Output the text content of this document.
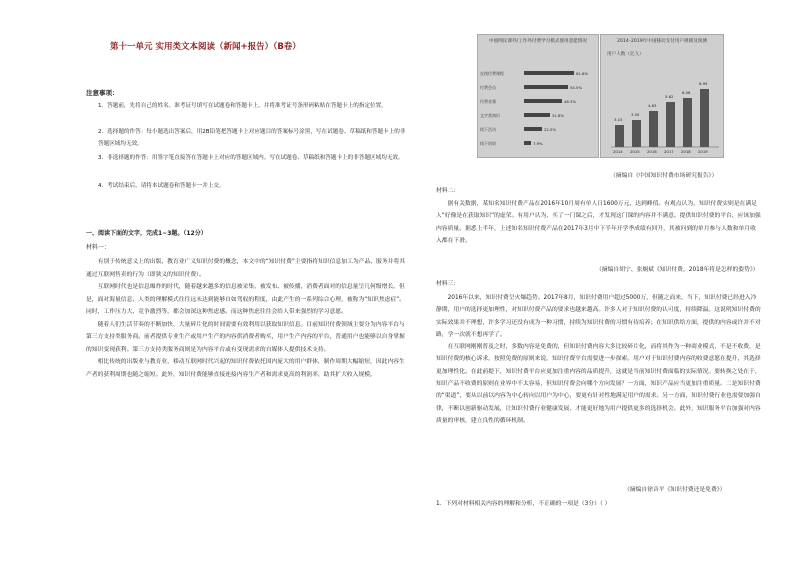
第十一单元 实用类文本阅读（新闻+报告）（B卷）
注意事项：
1．答题前，先将自己的姓名、准考证号填写在试题卷和答题卡上，并将准考证号条形码粘贴在答题卡上的指定位置。
2．选择题的作答：每小题选出答案后，用2B铅笔把答题卡上对应题目的答案标号涂黑，写在试题卷、草稿纸和答题卡上的非答题区域均无效。
3．非选择题的作答：用签字笔直接答在答题卡上对应的答题区域内。写在试题卷、草稿纸和答题卡上的非答题区域均无效。
4．考试结束后，请将本试题卷和答题卡一并上交。
一、阅读下面的文字，完成1~3题。（12分）
材料一：

有别于传统意义上的出版、教育业广义知识付费的概念，本文中的“知识付费”主要指将知识信息加工为产品、服务并将其通过互联网售卖的行为（即狭义的知识付费）。

互联网时代也是信息爆炸的时代，随着越来越多的信息被采集、被发布、被传播，消费者面对的信息量呈几何级增长。但是，面对海量信息，人类的理解模式往往远未达到能够自如驾驭的程度，由此产生的一系列综合心理，被称为“知识焦虑症”。同时，工作压力大、竞争激烈等，都会加深这种焦虑感。而这种焦虑往往会给人带来强烈的学习意愿。

随着人们生活节奏的不断加快，大量碎片化的时间需要有效利用以获取知识信息。目前知识付费领域主要分为内容平台与第三方支持类服务商。前者提供专业生产或用户生产的内容供消费者购买，用户生产内容的平台，普通用户也能够以自身掌握的知识变现获利。第三方支持类服务商则是为内容平台或有变现需求的自媒体人提供技术支持。

相比传统的出版业与教育业，移动互联网时代兴起的知识付费依托国内庞大的用户群体，制作周期大幅缩短，因此内容生产者的获利周期也随之缩短。此外，知识付费能够直接连接内容生产者和需求更高的利润率，助其扩大收入规模。

中国网民课外/工作外付费学习模式使用意愿情况
在线付费课程	61.6%
付费会员	54.5%
付费音频	46.3%
文字类知识	31.8%
线下活动	22.5%
线下培训	7.9%
2014–2019年中国移动支付用户规模及预测
用户人数（亿人）
3.15
3.55
4.63
5.62
6.06
6.99
2014 2015 2016 2017 2018 2019
（摘编自《中国知识付费市场研究报告》）
材料二：

据有关数据，某知名知识付费产品在2016年10月周有单人日1600万元，达到峰值。有观点认为，知识付费实则是在满足人“好像是在获取知识”的虚荣。有用户认为，买了一门课之后，才发现这门课的内容并不满意。提供知识付费的平台，应该加强内容质量。据悉上半年，上述知名知识付费产品在2017年3月中下半年开学季成绩有回升，其被问到的单月参与人数和单月收入都在下滑。

（摘编自胡宁、张炯斌《知识付费，2018年将是怎样的姿势》）
材料三：

2016年以来，知识付费呈火爆趋势。2017年8月，知识付费用户超过5000万，但随之而来，当下，知识付费已经进入冷静期，用户的选择更加理性，对知识付费产品的要求也越来越高。许多人对于知识付费的认可度，持续降温。这说明知识付费的实际效果并不理想，许多学习还没有成为一种习惯，持续为知识付费的习惯有待培养；在知识供给方面，提供的内容或许并不对路，学一次就不想再学了。

在互联网刚刚普及之时，多数内容是免费的，但知识付费内容大多比较碎片化，而将其作为一种商业模式，不是不收费，是知识付费的核心诉求，按照免费的原则来说，知识付费平台需要进一步探索。用户对于知识付费内容的收费意愿在提升，其选择更加理性化。在此前提下，知识付费平台应更加注重内容的品质提升，这就是当前知识付费面临的实际情况。要转换之处在于，知识产品不收费的原则在业界中不太容易，但知识付费会向哪个方向发展？一方面，知识产品应当更加注重质量。二是知识付费的“渠道”，要从以前以内容为中心转向以用户为中心，要更有针对性地满足用户的需求。另一方面，知识付费行业也需要加强自律，不断以创新驱动发展，让知识付费行业健康发展，才能更好地为用户提供更多的选择机会。此外，知识服务平台加强对内容质量的审核，建立良性的循环机制。

（摘编自徐音平《知识付费还是免费》）
1．下列对材料相关内容的理解和分析，不正确的一项是（3分）（ ）
